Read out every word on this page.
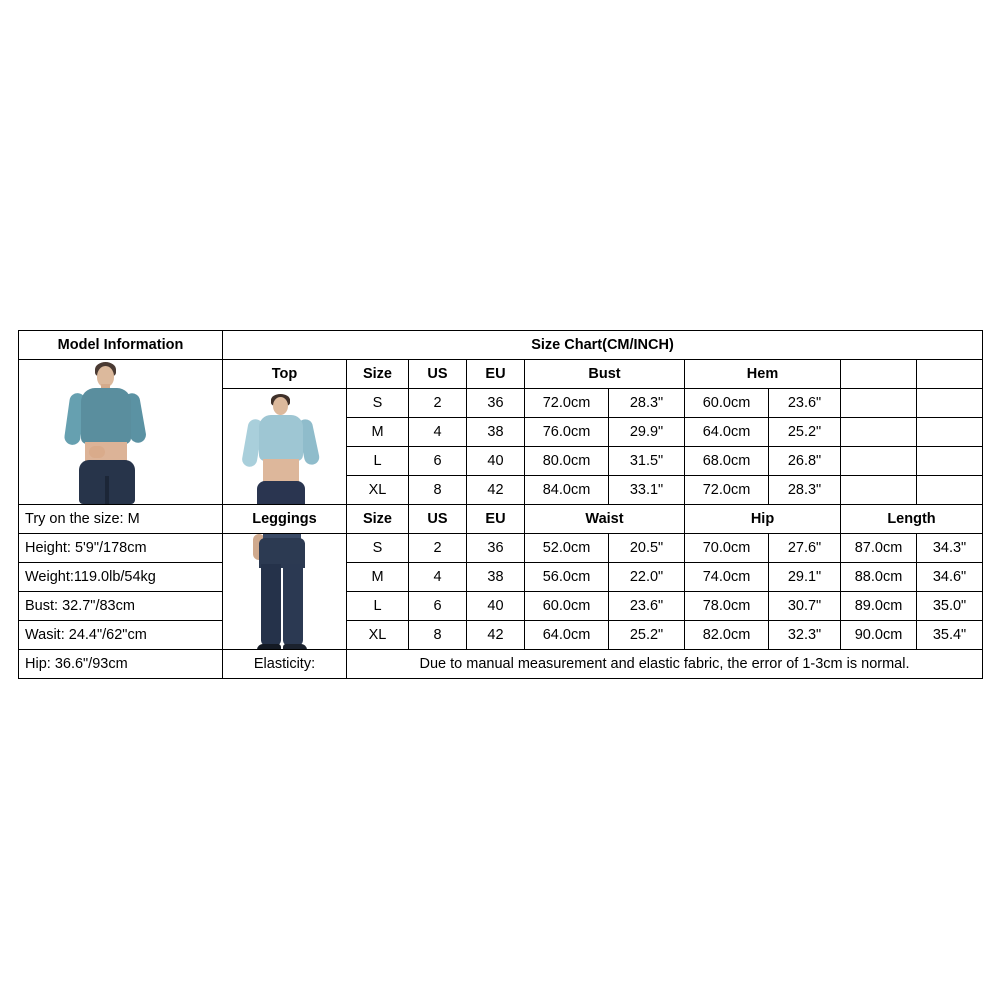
Model Information	Size Chart(CM/INCH)									

	Top	Size	US	EU	Bust		Hem			

		S	2	36	72.0cm	28.3"	60.0cm	23.6"		
		M	4	38	76.0cm	29.9"	64.0cm	25.2"		
		L	6	40	80.0cm	31.5"	68.0cm	26.8"		
		XL	8	42	84.0cm	33.1"	72.0cm	28.3"		
Try on the size: M	Leggings	Size	US	EU	Waist		Hip		Length	
Height: 5'9"/178cm		S	2	36	52.0cm	20.5"	70.0cm	27.6"	87.0cm	34.3"
Weight:119.0lb/54kg		M	4	38	56.0cm	22.0"	74.0cm	29.1"	88.0cm	34.6"
Bust: 32.7"/83cm		L	6	40	60.0cm	23.6"	78.0cm	30.7"	89.0cm	35.0"
Wasit: 24.4"/62"cm		XL	8	42	64.0cm	25.2"	82.0cm	32.3"	90.0cm	35.4"
Hip: 36.6"/93cm	Elasticity:	Due to manual measurement and elastic fabric, the error of 1-3cm is normal.								
